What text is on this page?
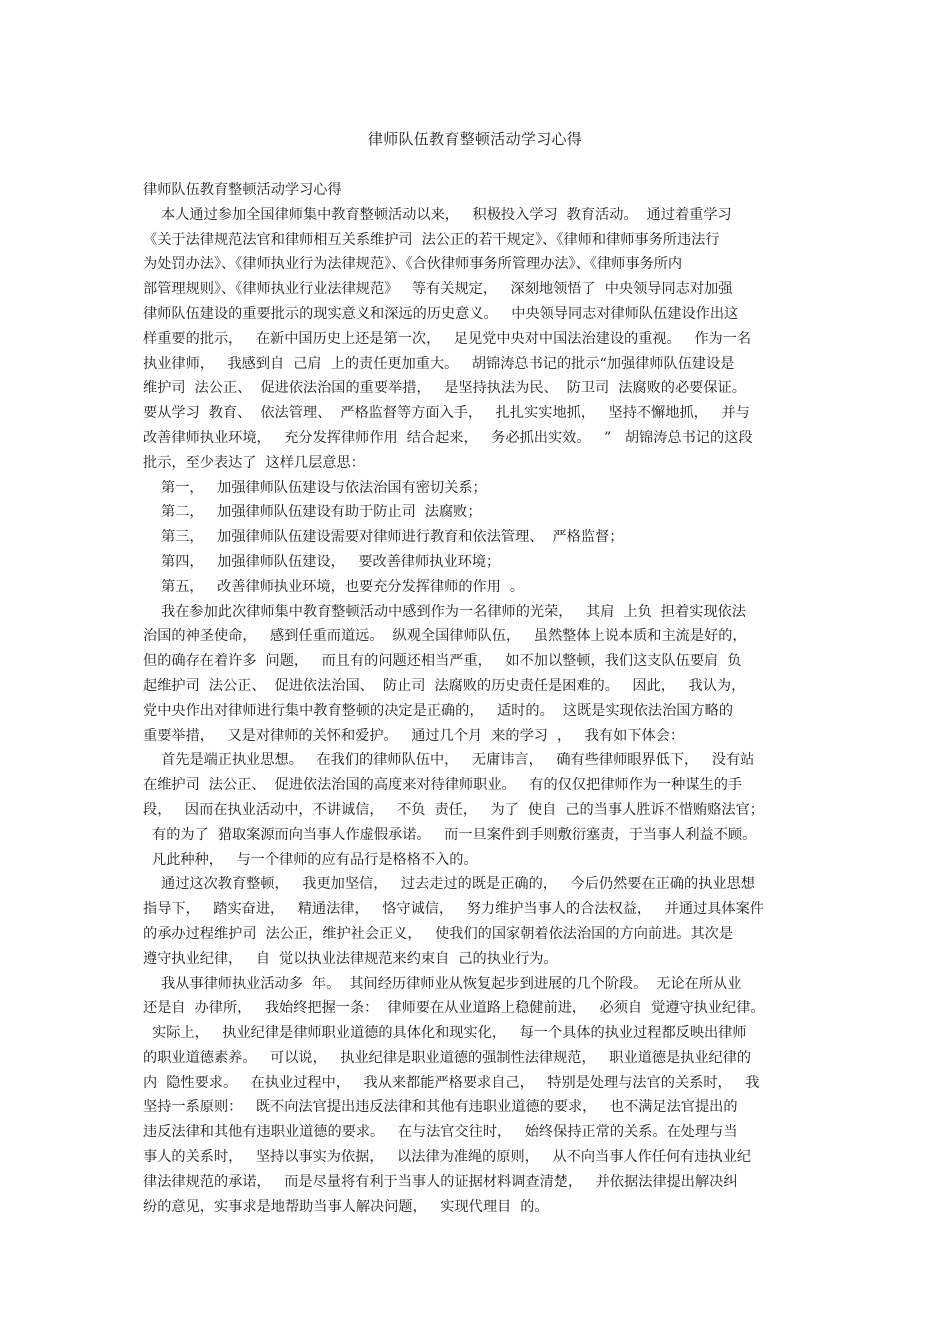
律师队伍教育整顿活动学习心得
律师队伍教育整顿活动学习心得
本人通过参加全国律师集中教育整顿活动以来，   积极投入学习  教育活动。  通过着重学习
《关于法律规范法官和律师相互关系维护司  法公正的若干规定》、《律师和律师事务所违法行
为处罚办法》、《律师执业行为法律规范》、《合伙律师事务所管理办法》、《律师事务所内
部管理规则》、《律师执业行业法律规范》   等有关规定，   深刻地领悟了  中央领导同志对加强
律师队伍建设的重要批示的现实意义和深远的历史意义。   中央领导同志对律师队伍建设作出这
样重要的批示，   在新中国历史上还是第一次，   足见党中央对中国法治建设的重视。   作为一名
执业律师，   我感到自  己肩  上的责任更加重大。   胡锦涛总书记的批示“加强律师队伍建设是
维护司  法公正、  促进依法治国的重要举措，   是坚持执法为民、  防卫司  法腐败的必要保证。
要从学习  教育、  依法管理、  严格监督等方面入手，   扎扎实实地抓，   坚持不懈地抓，   并与
改善律师执业环境，   充分发挥律师作用  结合起来，   务必抓出实效。   ”   胡锦涛总书记的这段
批示，至少表达了  这样几层意思：
第一，   加强律师队伍建设与依法治国有密切关系；
第二，   加强律师队伍建设有助于防止司  法腐败；
第三，   加强律师队伍建设需要对律师进行教育和依法管理、  严格监督；
第四，   加强律师队伍建设，   要改善律师执业环境；
第五，   改善律师执业环境，也要充分发挥律师的作用  。
我在参加此次律师集中教育整顿活动中感到作为一名律师的光荣，   其肩  上负  担着实现依法
治国的神圣使命，   感到任重而道远。  纵观全国律师队伍，   虽然整体上说本质和主流是好的，
但的确存在着许多  问题，   而且有的问题还相当严重，   如不加以整顿，我们这支队伍要肩  负
起维护司  法公正、  促进依法治国、  防止司  法腐败的历史责任是困难的。   因此，   我认为，
党中央作出对律师进行集中教育整顿的决定是正确的，   适时的。  这既是实现依法治国方略的
重要举措，   又是对律师的关怀和爱护。   通过几个月  来的学习  ，   我有如下体会：
首先是端正执业思想。   在我们的律师队伍中，   无庸讳言，   确有些律师眼界低下，   没有站
在维护司  法公正、  促进依法治国的高度来对待律师职业。   有的仅仅把律师作为一种谋生的手
段，   因而在执业活动中，不讲诚信，   不负  责任，   为了  使自  己的当事人胜诉不惜贿赂法官；
有的为了  猎取案源而向当事人作虚假承诺。   而一旦案件到手则敷衍塞责，于当事人利益不顾。
凡此种种，   与一个律师的应有品行是格格不入的。
通过这次教育整顿，   我更加坚信，   过去走过的既是正确的，   今后仍然要在正确的执业思想
指导下，   踏实奋进，   精通法律，   恪守诚信，   努力维护当事人的合法权益，   并通过具体案件
的承办过程维护司  法公正，维护社会正义，   使我们的国家朝着依法治国的方向前进。其次是
遵守执业纪律，   自  觉以执业法律规范来约束自  己的执业行为。
我从事律师执业活动多  年。  其间经历律师业从恢复起步到进展的几个阶段。  无论在所从业
还是自  办律所，   我始终把握一条：  律师要在从业道路上稳健前进，   必须自  觉遵守执业纪律。
实际上，   执业纪律是律师职业道德的具体化和现实化，   每一个具体的执业过程都反映出律师
的职业道德素养。   可以说，   执业纪律是职业道德的强制性法律规范，   职业道德是执业纪律的
内  隐性要求。   在执业过程中，   我从来都能严格要求自己，   特别是处理与法官的关系时，   我
坚持一系原则：   既不向法官提出违反法律和其他有违职业道德的要求，   也不满足法官提出的
违反法律和其他有违职业道德的要求。   在与法官交往时，   始终保持正常的关系。在处理与当
事人的关系时，   坚持以事实为依据，   以法律为准绳的原则，   从不向当事人作任何有违执业纪
律法律规范的承诺，   而是尽量将有利于当事人的证据材料调查清楚，   并依据法律提出解决纠
纷的意见，实事求是地帮助当事人解决问题，   实现代理目  的。
